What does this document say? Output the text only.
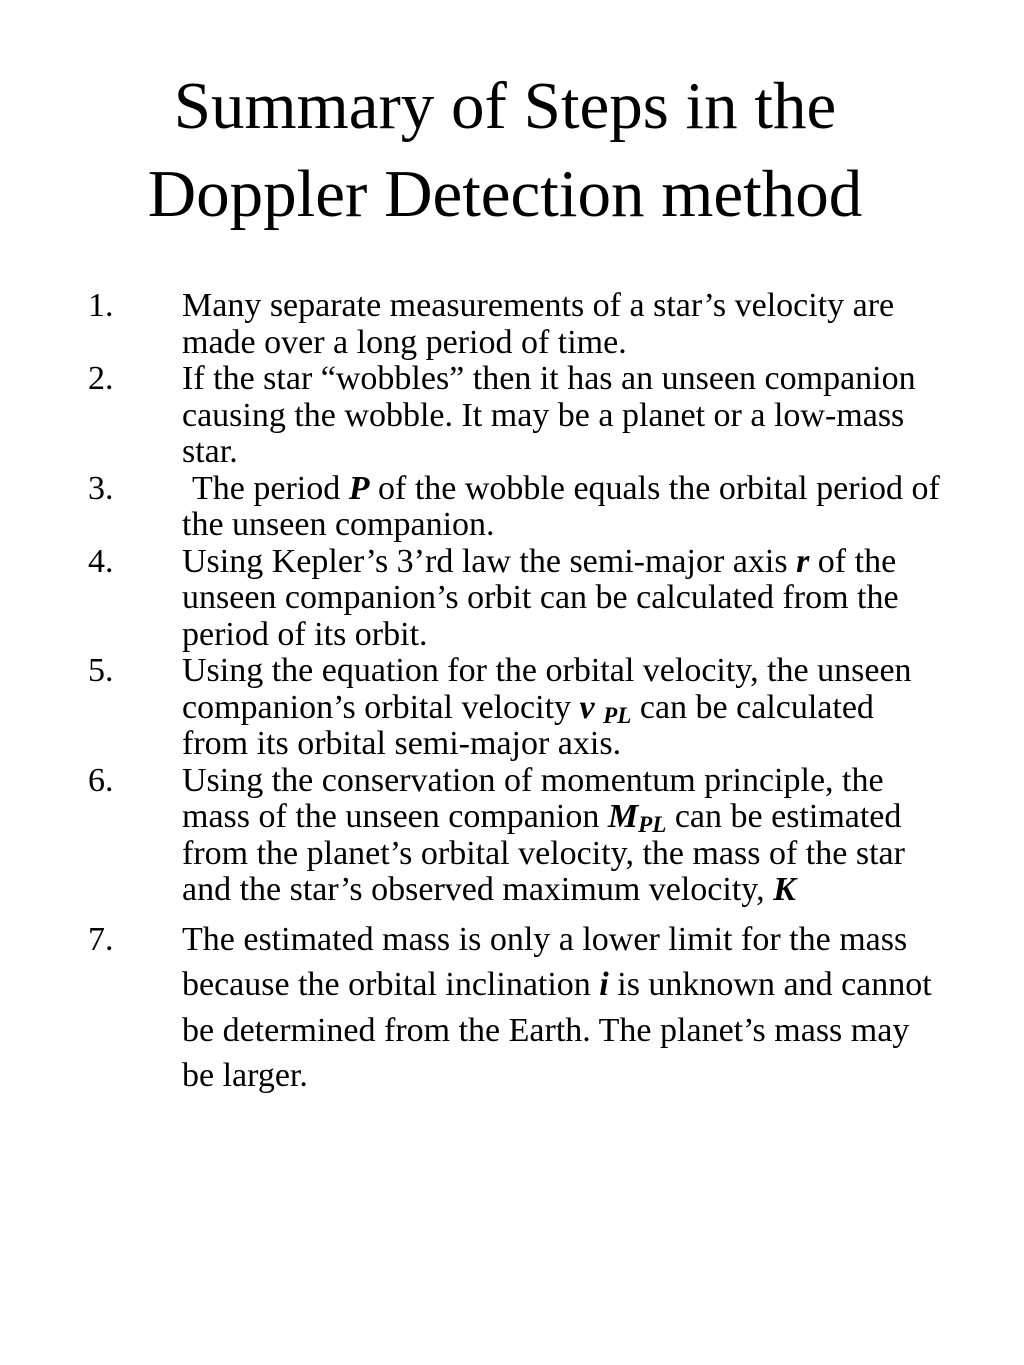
Summary of Steps in the
Doppler Detection method
1. Many separate measurements of a star’s velocity are made over a long period of time.
2. If the star “wobbles” then it has an unseen companion causing the wobble. It may be a planet or a low-mass star.
3. The period P of the wobble equals the orbital period of the unseen companion.
4. Using Kepler’s 3’rd law the semi-major axis r of the unseen companion’s orbit can be calculated from the period of its orbit.
5. Using the equation for the orbital velocity, the unseen companion’s orbital velocity v $_{PL}$ can be calculated from its orbital semi-major axis.
6. Using the conservation of momentum principle, the mass of the unseen companion $M_{PL}$ can be estimated from the planet’s orbital velocity, the mass of the star and the star’s observed maximum velocity, K
7. The estimated mass is only a lower limit for the mass because the orbital inclination i is unknown and cannot be determined from the Earth. The planet’s mass may be larger.
